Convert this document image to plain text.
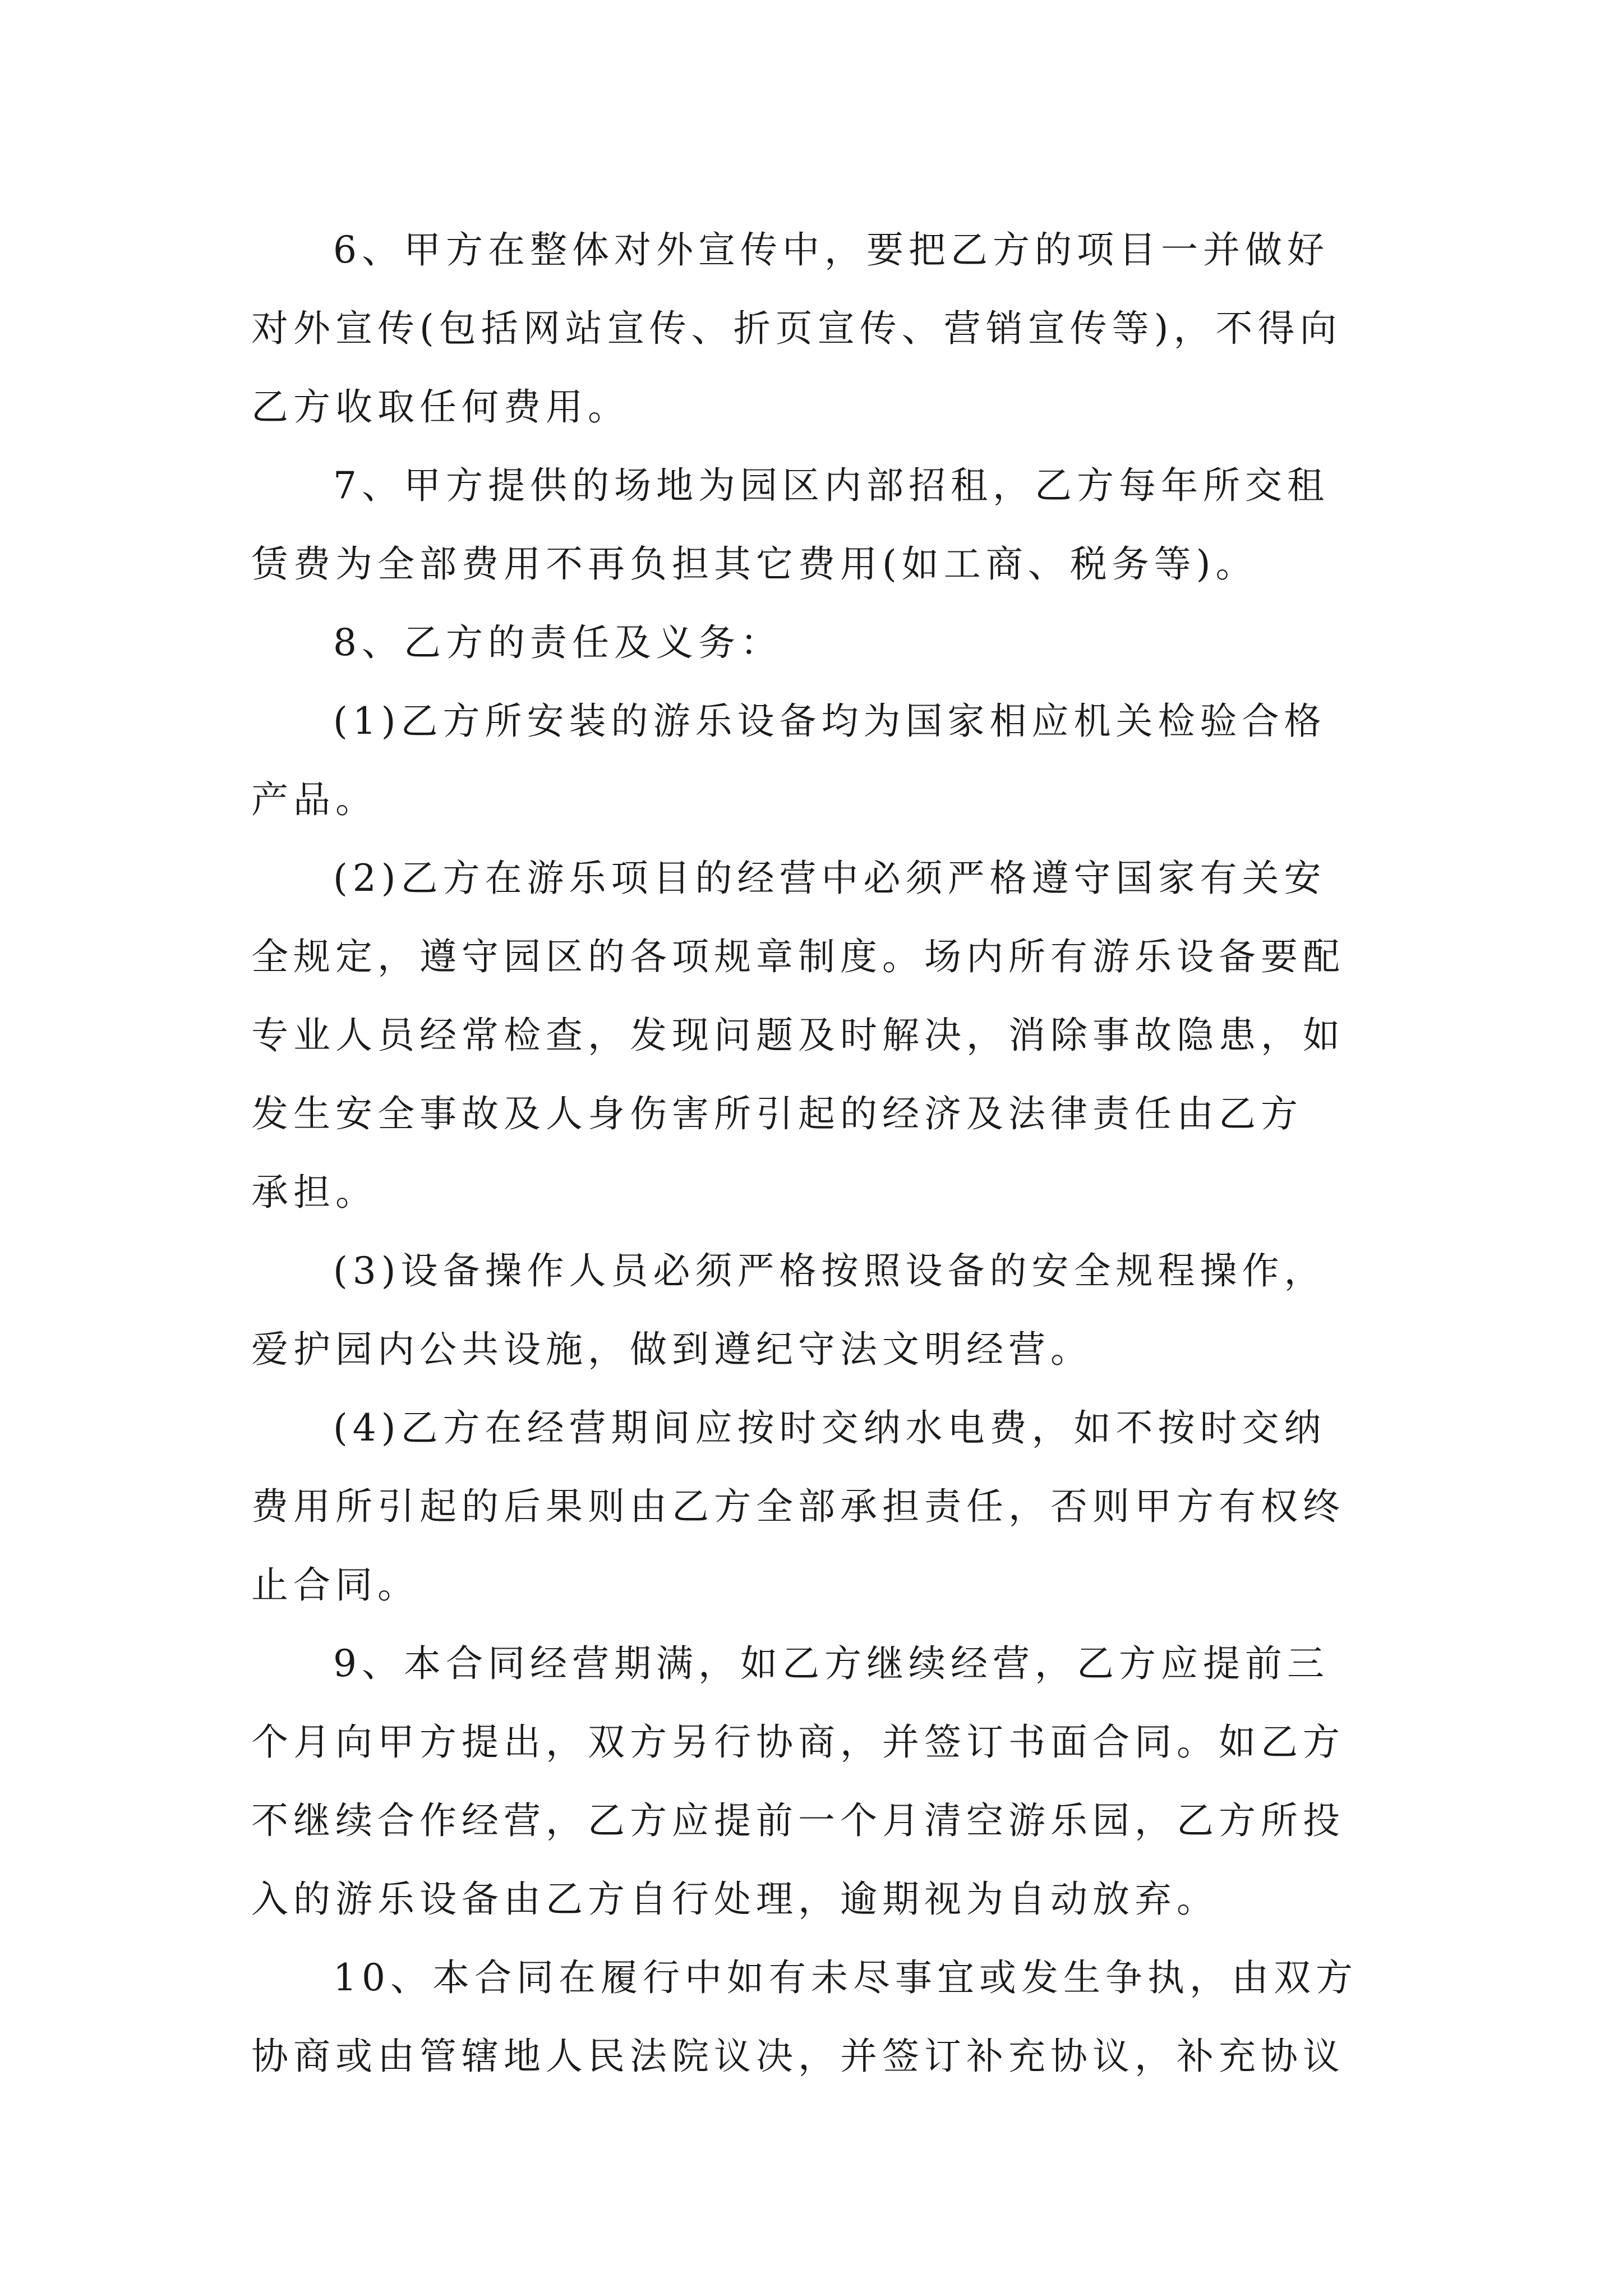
6、甲方在整体对外宣传中，要把乙方的项目一并做好
对外宣传(包括网站宣传、折页宣传、营销宣传等)，不得向
乙方收取任何费用。
7、甲方提供的场地为园区内部招租，乙方每年所交租
赁费为全部费用不再负担其它费用(如工商、税务等)。
8、乙方的责任及义务：
(1)乙方所安装的游乐设备均为国家相应机关检验合格
产品。
(2)乙方在游乐项目的经营中必须严格遵守国家有关安
全规定，遵守园区的各项规章制度。场内所有游乐设备要配
专业人员经常检查，发现问题及时解决，消除事故隐患，如
发生安全事故及人身伤害所引起的经济及法律责任由乙方
承担。
(3)设备操作人员必须严格按照设备的安全规程操作，
爱护园内公共设施，做到遵纪守法文明经营。
(4)乙方在经营期间应按时交纳水电费，如不按时交纳
费用所引起的后果则由乙方全部承担责任，否则甲方有权终
止合同。
9、本合同经营期满，如乙方继续经营，乙方应提前三
个月向甲方提出，双方另行协商，并签订书面合同。如乙方
不继续合作经营，乙方应提前一个月清空游乐园，乙方所投
入的游乐设备由乙方自行处理，逾期视为自动放弃。
10、本合同在履行中如有未尽事宜或发生争执，由双方
协商或由管辖地人民法院议决，并签订补充协议，补充协议
